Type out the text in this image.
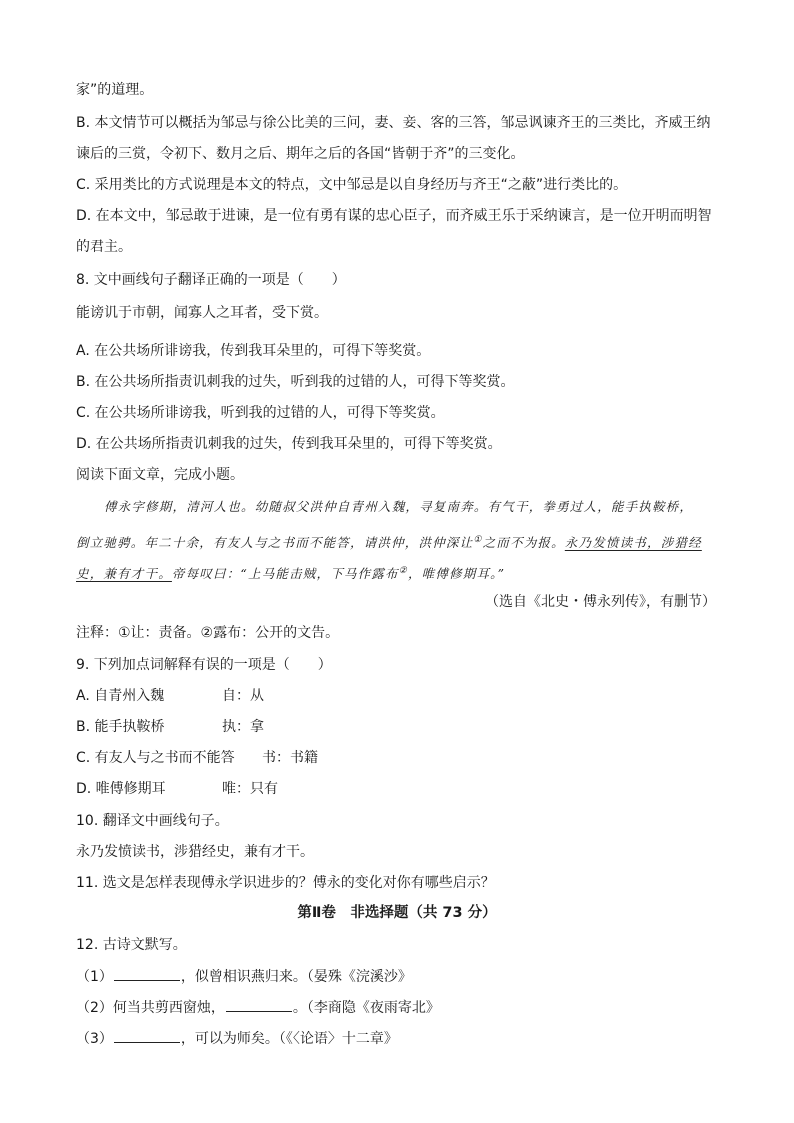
家”的道理。
B. 本文情节可以概括为邹忌与徐公比美的三问，妻、妾、客的三答，邹忌讽谏齐王的三类比，齐威王纳
谏后的三赏，令初下、数月之后、期年之后的各国“皆朝于齐”的三变化。
C. 采用类比的方式说理是本文的特点，文中邹忌是以自身经历与齐王“之蔽”进行类比的。
D. 在本文中，邹忌敢于进谏，是一位有勇有谋的忠心臣子，而齐威王乐于采纳谏言，是一位开明而明智
的君主。
8. 文中画线句子翻译正确的一项是（　　）
能谤讥于市朝，闻寡人之耳者，受下赏。
A. 在公共场所诽谤我，传到我耳朵里的，可得下等奖赏。
B. 在公共场所指责讥刺我的过失，听到我的过错的人，可得下等奖赏。
C. 在公共场所诽谤我，听到我的过错的人，可得下等奖赏。
D. 在公共场所指责讥刺我的过失，传到我耳朵里的，可得下等奖赏。
阅读下面文章，完成小题。
傅永字修期，清河人也。幼随叔父洪仲自青州入魏，寻复南奔。有气干，拳勇过人，能手执鞍桥，
倒立驰骋。年二十余，有友人与之书而不能答，请洪仲，洪仲深让①之而不为报。永乃发愤读书，涉猎经
史，兼有才干。帝每叹曰：“上马能击贼，下马作露布②，唯傅修期耳。”
（选自《北史・傅永列传》，有删节）
注释：①让：责备。②露布：公开的文告。
9. 下列加点词解释有误的一项是（　　）
A. 自青州入魏	自：从
B. 能手执鞍桥	执：拿
C. 有友人与之书而不能答 书：书籍
D. 唯傅修期耳	唯：只有
10. 翻译文中画线句子。
永乃发愤读书，涉猎经史，兼有才干。
11. 选文是怎样表现傅永学识进步的？傅永的变化对你有哪些启示？
第Ⅱ卷　非选择题（共 73 分）
12. 古诗文默写。
（1）	，似曾相识燕归来。（晏殊《浣溪沙》
（2）何当共剪西窗烛，	。（李商隐《夜雨寄北》
（3）	，可以为师矣。（《〈论语〉十二章》
